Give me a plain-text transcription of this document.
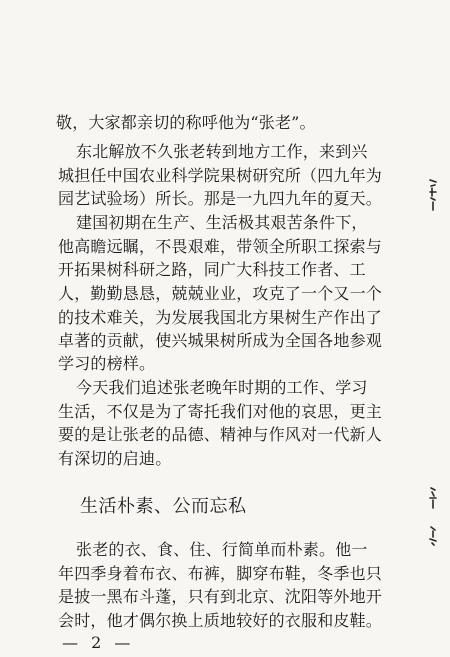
敬，大家都亲切的称呼他为“张老”。
东北解放不久张老转到地方工作，来到兴
城担任中国农业科学院果树研究所（四九年为
园艺试验场）所长。那是一九四九年的夏天。
建国初期在生产、生活极其艰苦条件下，
他高瞻远瞩，不畏艰难，带领全所职工探索与
开拓果树科研之路，同广大科技工作者、工
人，勤勤恳恳，兢兢业业，攻克了一个又一个
的技术难关，为发展我国北方果树生产作出了
卓著的贡献，使兴城果树所成为全国各地参观
学习的榜样。
今天我们追述张老晚年时期的工作、学习
生活，不仅是为了寄托我们对他的哀思，更主
要的是让张老的品德、精神与作风对一代新人
有深切的启迪。
生活朴素、公而忘私
张老的衣、食、住、行简单而朴素。他一
年四季身着布衣、布裤，脚穿布鞋，冬季也只
是披一黑布斗蓬，只有到北京、沈阳等外地开
会时，他才偶尔换上质地较好的衣服和皮鞋。
— 2 —
